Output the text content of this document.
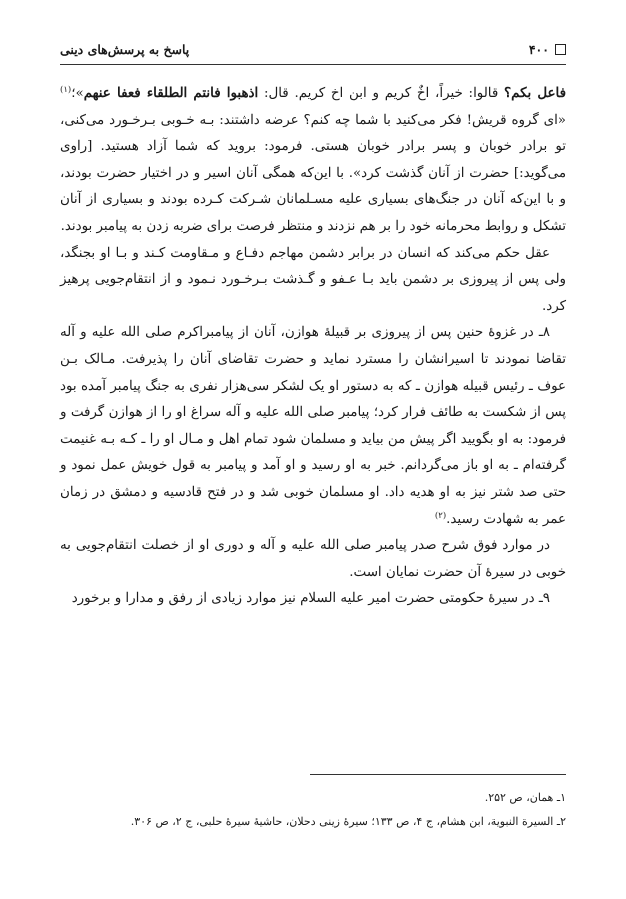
۴۰۰
پاسخ به پرسش‌های دینی

فاعل بکم؟ قالوا: خیراً، اخٌ کریم و ابن اخ کریم. قال: اذهبوا فانتم الطلقاء فعفا عنهم»؛$^{(۱)}$ «ای گروه قریش! فکر می‌کنید با شما چه کنم؟ عرضه داشتند: بـه خـوبی بـرخـورد می‌کنی، تو برادر خوبان و پسر برادر خوبان هستی. فرمود: بروید که شما آزاد هستید. [راوی می‌گوید:] حضرت از آنان گذشت کرد». با این‌که همگی آنان اسیر و در اختیار حضرت بودند، و با این‌که آنان در جنگ‌های بسیاری علیه مسـلمانان شـرکت کـرده بودند و بسیاری از آنان تشکل و روابط محرمانه خود را بر هم نزدند و منتظر فرصت برای ضربه زدن به پیامبر بودند.

عقل حکم می‌کند که انسان در برابر دشمن مهاجم دفـاع و مـقاومت کـند و بـا او بجنگد، ولی پس از پیروزی بر دشمن باید بـا عـفو و گـذشت بـرخـورد نـمود و از انتقام‌جویی پرهیز کرد.

۸ـ در غزوهٔ حنین پس از پیروزی بر قبیلهٔ هوازن، آنان از پیامبراکرم صلی الله علیه و آله تقاضا نمودند تا اسیرانشان را مسترد نماید و حضرت تقاضای آنان را پذیرفت. مـالک بـن عوف ـ رئیس قبیله هوازن ـ که به دستور او یک لشکر سی‌هزار نفری به جنگ پیامبر آمده بود پس از شکست به طائف فرار کرد؛ پیامبر صلی الله علیه و آله سراغ او را از هوازن گرفت و فرمود: به او بگویید اگر پیش من بیاید و مسلمان شود تمام اهل و مـال او را ـ کـه بـه غنیمت گرفته‌ام ـ به او باز می‌گردانم. خبر به او رسید و او آمد و پیامبر به قول خویش عمل نمود و حتی صد شتر نیز به او هدیه داد. او مسلمان خوبی شد و در فتح قادسیه و دمشق در زمان عمر به شهادت رسید.$^{(۲)}$

در موارد فوق شرح صدر پیامبر صلی الله علیه و آله و دوری او از خصلت انتقام‌جویی به خوبی در سیرهٔ آن حضرت نمایان است.

۹ـ در سیرهٔ حکومتی حضرت امیر علیه السلام نیز موارد زیادی از رفق و مدارا و برخورد

۱ـ همان، ص ۲۵۲.
۲ـ السیرة النبویة، ابن هشام، ج ۴، ص ۱۳۳؛ سیرهٔ زینی دحلان، حاشیهٔ سیرهٔ حلبی، ج ۲، ص ۳۰۶.
